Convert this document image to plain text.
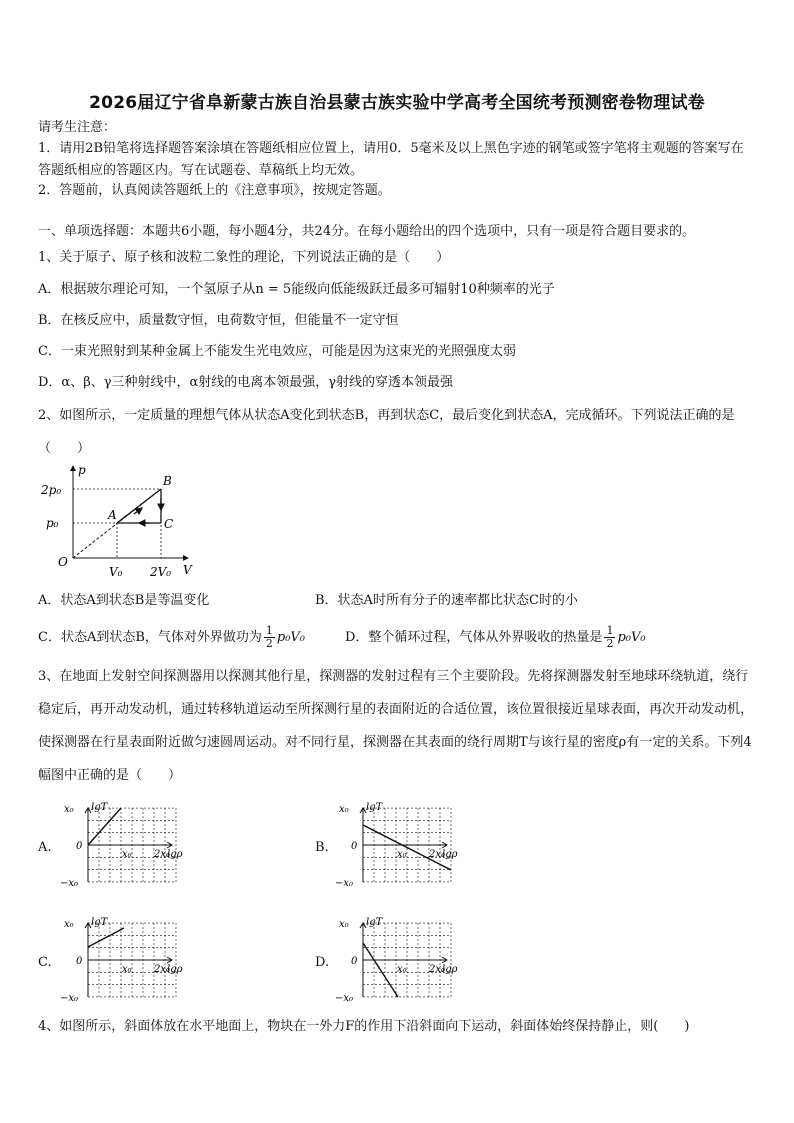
2026届辽宁省阜新蒙古族自治县蒙古族实验中学高考全国统考预测密卷物理试卷
请考生注意：
1．请用2B铅笔将选择题答案涂填在答题纸相应位置上，请用0．5毫米及以上黑色字迹的钢笔或签字笔将主观题的答案写在答题纸相应的答题区内。写在试题卷、草稿纸上均无效。
2．答题前，认真阅读答题纸上的《注意事项》，按规定答题。
一、单项选择题：本题共6小题，每小题4分，共24分。在每小题给出的四个选项中，只有一项是符合题目要求的。
1、关于原子、原子核和波粒二象性的理论，下列说法正确的是（　　）
A．根据玻尔理论可知，一个氢原子从n = 5能级向低能级跃迁最多可辐射10种频率的光子
B．在核反应中，质量数守恒，电荷数守恒，但能量不一定守恒
C．一束光照射到某种金属上不能发生光电效应，可能是因为这束光的光照强度太弱
D．α、β、γ三种射线中，α射线的电离本领最强，γ射线的穿透本领最强
2、如图所示，一定质量的理想气体从状态A变化到状态B，再到状态C，最后变化到状态A，完成循环。下列说法正确的是（　　）
p
V
O
2p₀
p₀
V₀ 2V₀
A
B
C
A．状态A到状态B是等温变化	B．状态A时所有分子的速率都比状态C时的小
C．状态A到状态B，气体对外界做功为 $\frac{1}{2} p_0V_0$	D．整个循环过程，气体从外界吸收的热量是 $\frac{1}{2} p_0V_0$
3、在地面上发射空间探测器用以探测其他行星，探测器的发射过程有三个主要阶段。先将探测器发射至地球环绕轨道，绕行稳定后，再开动发动机，通过转移轨道运动至所探测行星的表面附近的合适位置，该位置很接近星球表面，再次开动发动机，使探测器在行星表面附近做匀速圆周运动。对不同行星，探测器在其表面的绕行周期T与该行星的密度ρ有一定的关系。下列4幅图中正确的是（　　）
A.
lgT
lgρ
x₀
−x₀
0
x₀ 2x₀	B.
lgT
lgρ
x₀
−x₀
0
x₀ 2x₀
C.
lgT
lgρ
x₀
−x₀
0
x₀ 2x₀	D.
lgT
lgρ
x₀
−x₀
0
x₀ 2x₀
4、如图所示，斜面体放在水平地面上，物块在一外力F的作用下沿斜面向下运动，斜面体始终保持静止，则(　　)
